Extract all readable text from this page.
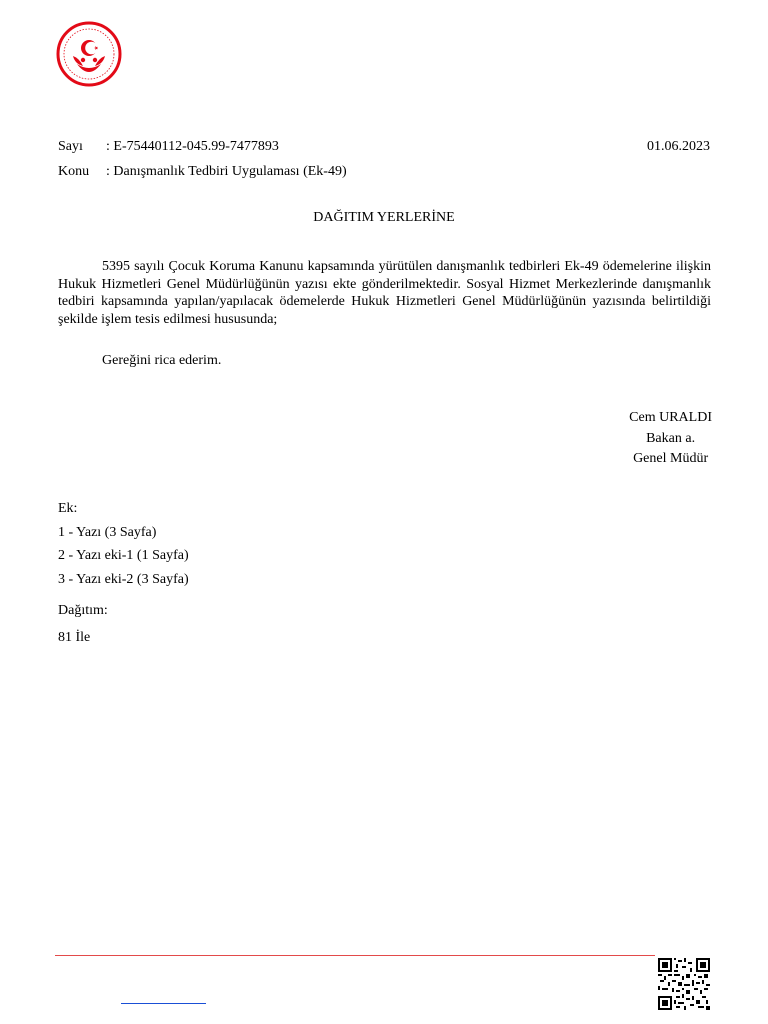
Sayı : E-75440112-045.99-7477893	01.06.2023
Konu : Danışmanlık Tedbiri Uygulaması (Ek-49)
DAĞITIM YERLERİNE
5395 sayılı Çocuk Koruma Kanunu kapsamında yürütülen danışmanlık tedbirleri Ek-49 ödemelerine ilişkin Hukuk Hizmetleri Genel Müdürlüğünün yazısı ekte gönderilmektedir. Sosyal Hizmet Merkezlerinde danışmanlık tedbiri kapsamında yapılan/yapılacak ödemelerde Hukuk Hizmetleri Genel Müdürlüğünün yazısında belirtildiği şekilde işlem tesis edilmesi hususunda;
Gereğini rica ederim.
Cem URALDI
Bakan a.
Genel Müdür
Ek:
1 - Yazı (3 Sayfa)
2 - Yazı eki-1 (1 Sayfa)
3 - Yazı eki-2 (3 Sayfa)
Dağıtım:
81 İle
